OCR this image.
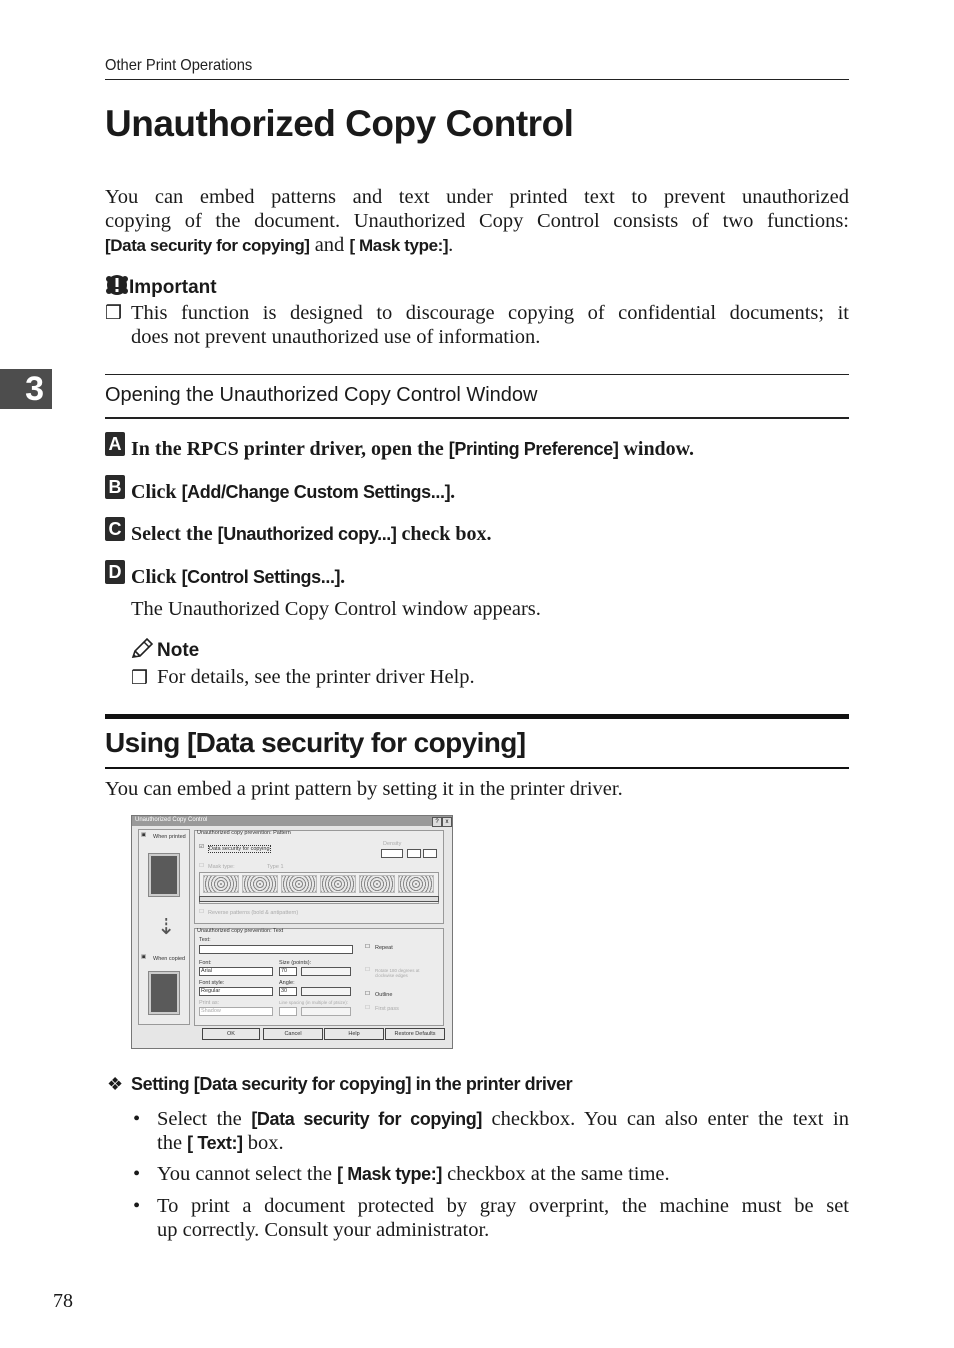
Other Print Operations
Unauthorized Copy Control
You can embed patterns and text under printed text to prevent unauthorized
copying of the document. Unauthorized Copy Control consists of two functions:
[Data security for copying] and [ Mask type:].
Important
❒ This function is designed to discourage copying of confidential documents; it
does not prevent unauthorized use of information.
3	Opening the Unauthorized Copy Control Window
A In the RPCS printer driver, open the [Printing Preference] window.
B Click [Add/Change Custom Settings...].
C Select the [Unauthorized copy...] check box.
D Click [Control Settings...].
The Unauthorized Copy Control window appears.
Note
❒ For details, see the printer driver Help.
Using [Data security for copying]
You can embed a print pattern by setting it in the printer driver.
Unauthorized Copy Control	?	x
▣ When printed
⇣
▣ When copied
Unauthorized copy prevention: Pattern
☑ Data security for copying
Density
☐ Mask type:	Type 1
☐ Reverse patterns (bold & antipattern)
Unauthorized copy prevention: Text
Text:
Font:
Arial
Size (points):
70
Font style:
Regular
Angle:
30
Print as:
Shadow
Line spacing (in multiple of ptsize):
☐ Repeat
☐ Rotate 180 degrees at clockwise edges
☐ Outline
☐ First pass
OK	Cancel	Help	Restore Defaults
❖ Setting [Data security for copying] in the printer driver
• Select the [Data security for copying] checkbox. You can also enter the text in
the [ Text:] box.
• You cannot select the [ Mask type:] checkbox at the same time.
• To print a document protected by gray overprint, the machine must be set
up correctly. Consult your administrator.
78
